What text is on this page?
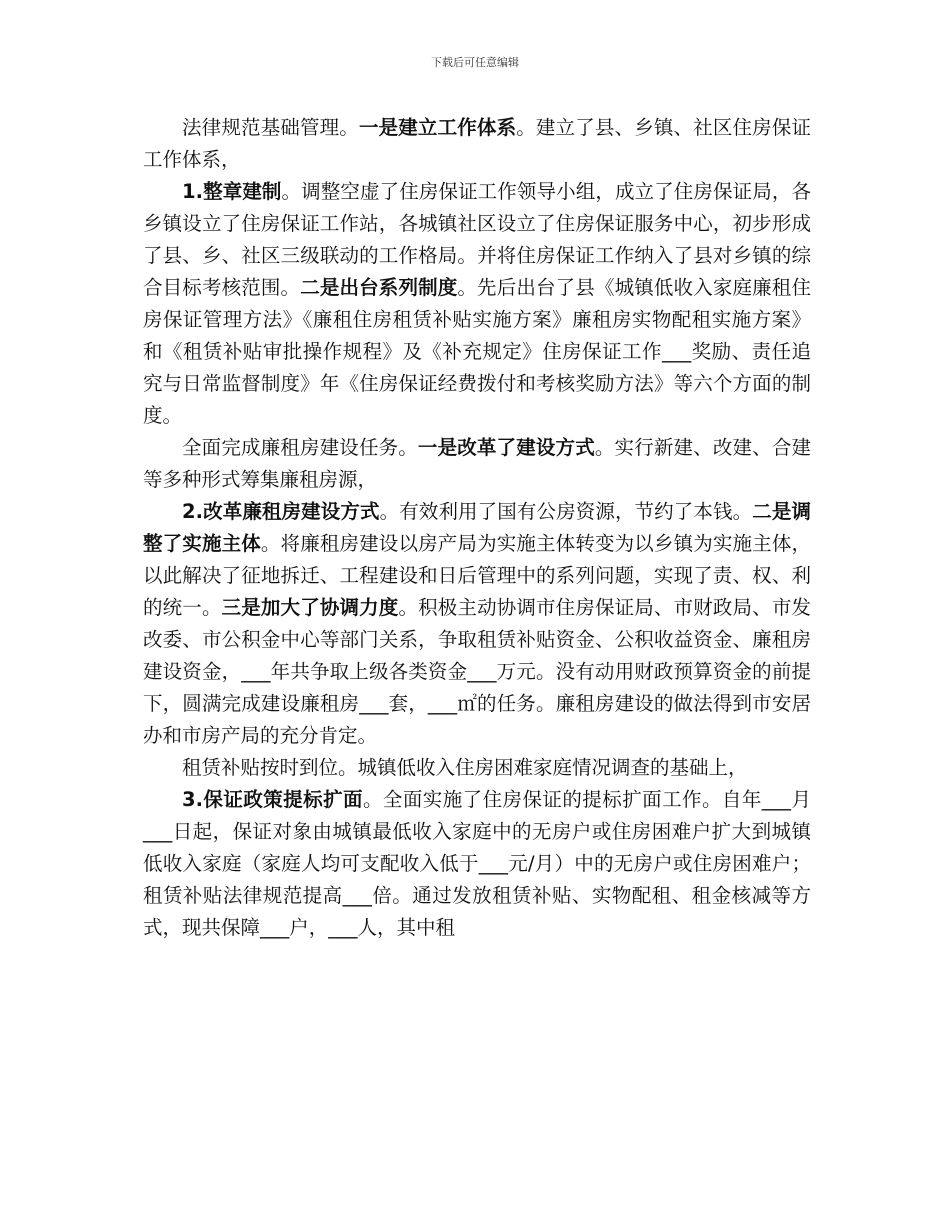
下载后可任意编辑

法律规范基础管理。一是建立工作体系。建立了县、乡镇、社区住房保证工作体系，

1.整章建制。调整空虚了住房保证工作领导小组，成立了住房保证局，各乡镇设立了住房保证工作站，各城镇社区设立了住房保证服务中心，初步形成了县、乡、社区三级联动的工作格局。并将住房保证工作纳入了县对乡镇的综合目标考核范围。二是出台系列制度。先后出台了县《城镇低收入家庭廉租住房保证管理方法》《廉租住房租赁补贴实施方案》廉租房实物配租实施方案》和《租赁补贴审批操作规程》及《补充规定》住房保证工作___奖励、责任追究与日常监督制度》年《住房保证经费拨付和考核奖励方法》等六个方面的制度。

全面完成廉租房建设任务。一是改革了建设方式。实行新建、改建、合建等多种形式筹集廉租房源，

2.改革廉租房建设方式。有效利用了国有公房资源，节约了本钱。二是调整了实施主体。将廉租房建设以房产局为实施主体转变为以乡镇为实施主体，以此解决了征地拆迁、工程建设和日后管理中的系列问题，实现了责、权、利的统一。三是加大了协调力度。积极主动协调市住房保证局、市财政局、市发改委、市公积金中心等部门关系，争取租赁补贴资金、公积收益资金、廉租房建设资金，___年共争取上级各类资金___万元。没有动用财政预算资金的前提下，圆满完成建设廉租房___套，___㎡的任务。廉租房建设的做法得到市安居办和市房产局的充分肯定。

租赁补贴按时到位。城镇低收入住房困难家庭情况调查的基础上，

3.保证政策提标扩面。全面实施了住房保证的提标扩面工作。自年___月___日起，保证对象由城镇最低收入家庭中的无房户或住房困难户扩大到城镇低收入家庭（家庭人均可支配收入低于___元/月）中的无房户或住房困难户；租赁补贴法律规范提高___倍。通过发放租赁补贴、实物配租、租金核减等方式，现共保障___户，___人，其中租
